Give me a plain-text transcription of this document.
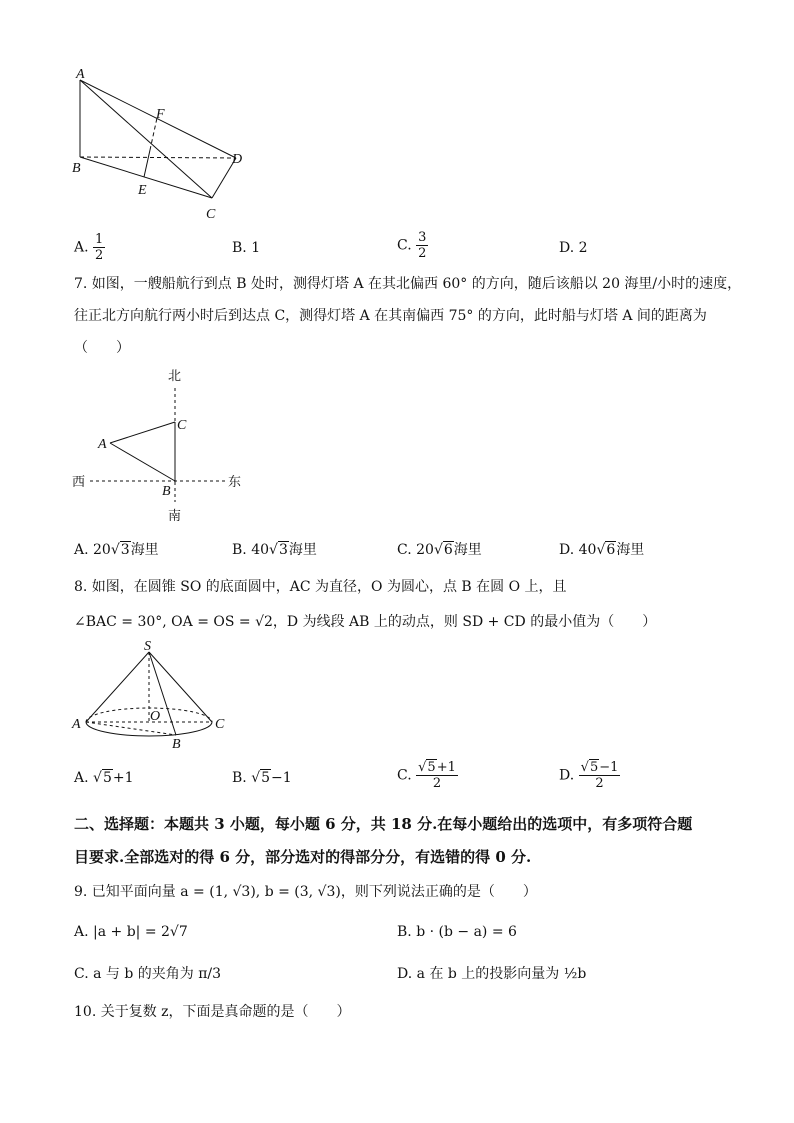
A
F
B
D
E
C
A. $\frac{1}{2}$	B. 1	C. $\frac{3}{2}$	D. 2
7. 如图，一艘船航行到点 B 处时，测得灯塔 A 在其北偏西 60° 的方向，随后该船以 20 海里/小时的速度，
往正北方向航行两小时后到达点 C，测得灯塔 A 在其南偏西 75° 的方向，此时船与灯塔 A 间的距离为
（　　）
北
C
A
西	东
B
南
A. 20√3海里	B. 40√3海里	C. 20√6海里	D. 40√6海里
8. 如图，在圆锥 SO 的底面圆中，AC 为直径，O 为圆心，点 B 在圆 O 上，且
∠BAC = 30°, OA = OS = √2，D 为线段 AB 上的动点，则 SD + CD 的最小值为（　　）
S
O
A	C
B
A. √5+1	B. √5−1	C. $\frac{√5+1}{2}$	D. $\frac{√5-1}{2}$
二、选择题：本题共 3 小题，每小题 6 分，共 18 分.在每小题给出的选项中，有多项符合题
目要求.全部选对的得 6 分，部分选对的得部分分，有选错的得 0 分.
9. 已知平面向量 a = (1, √3), b = (3, √3)，则下列说法正确的是（　　）
A. |a + b| = 2√7	B. b · (b − a) = 6
C. a 与 b 的夹角为 π/3	D. a 在 b 上的投影向量为 ½b
10. 关于复数 z，下面是真命题的是（　　）
